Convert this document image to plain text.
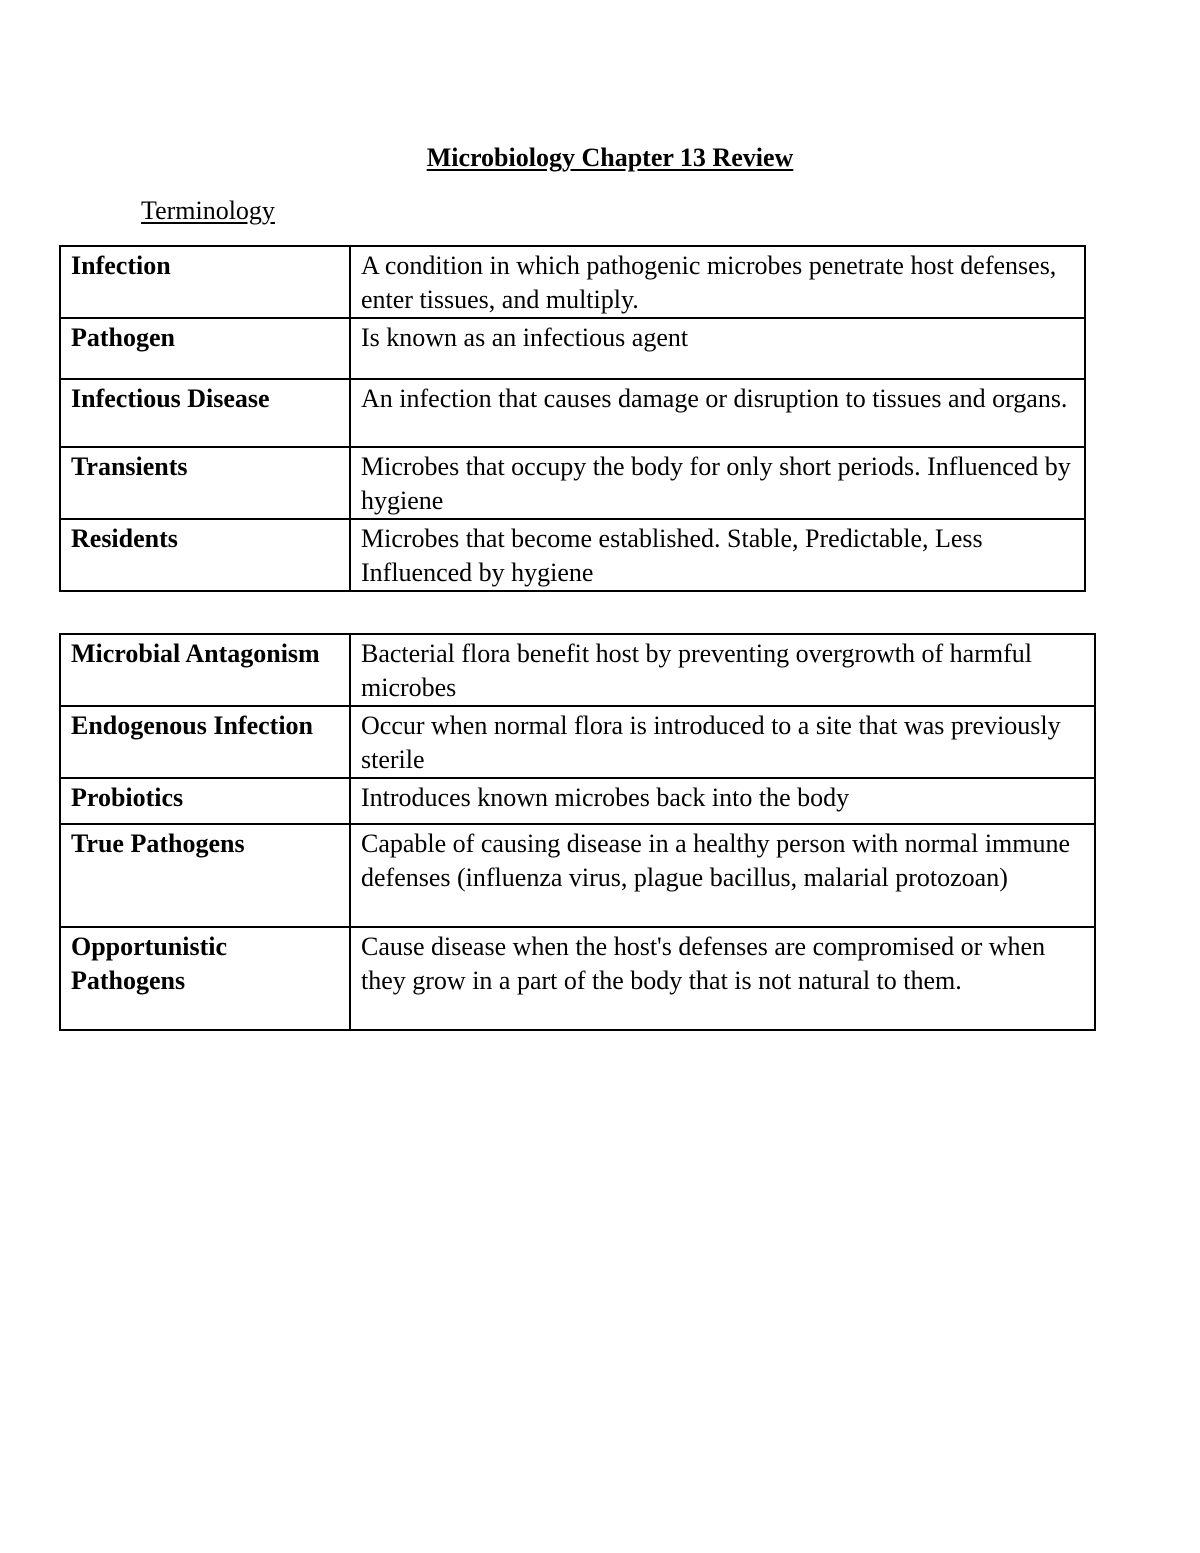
Microbiology Chapter 13 Review
Terminology
Infection	A condition in which pathogenic microbes penetrate host defenses, enter tissues, and multiply.
Pathogen	Is known as an infectious agent
Infectious Disease	An infection that causes damage or disruption to tissues and organs.
Transients	Microbes that occupy the body for only short periods. Influenced by hygiene
Residents	Microbes that become established. Stable, Predictable, Less Influenced by hygiene
Microbial Antagonism	Bacterial flora benefit host by preventing overgrowth of harmful microbes
Endogenous Infection	Occur when normal flora is introduced to a site that was previously sterile
Probiotics	Introduces known microbes back into the body
True Pathogens	Capable of causing disease in a healthy person with normal immune defenses (influenza virus, plague bacillus, malarial protozoan)
Opportunistic Pathogens	Cause disease when the host's defenses are compromised or when they grow in a part of the body that is not natural to them.
